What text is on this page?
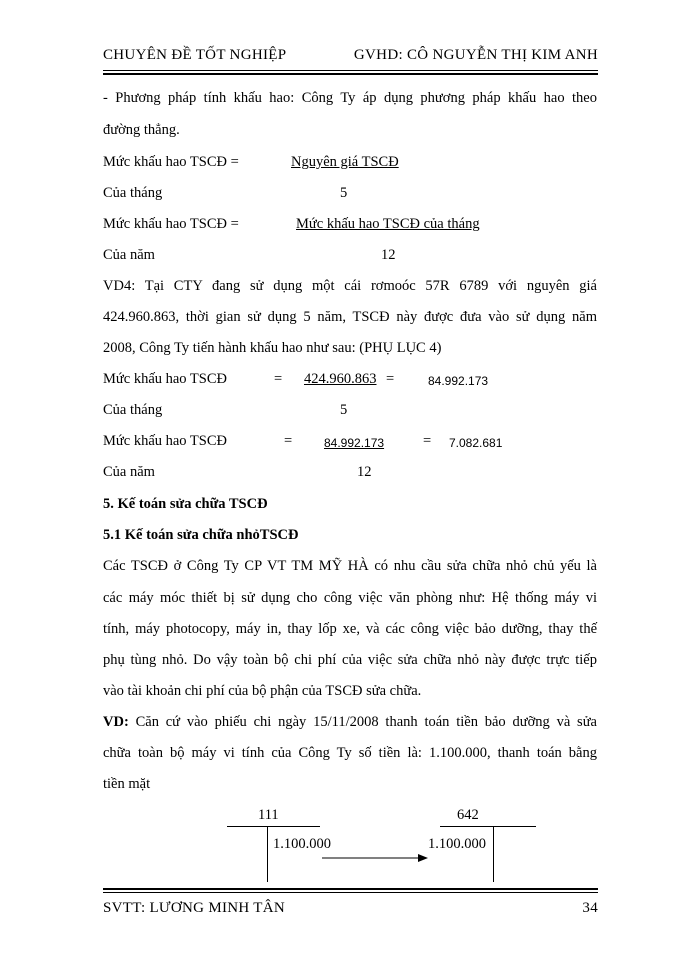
CHUYÊN ĐỀ TỐT NGHIỆP	GVHD: CÔ NGUYỄN THỊ KIM ANH
- Phương pháp tính khấu hao: Công Ty áp dụng phương pháp khấu hao theo
đường thẳng.
Mức khấu hao TSCĐ =	Nguyên giá TSCĐ
Của tháng	5
Mức khấu hao TSCĐ =	Mức khấu hao TSCĐ của tháng
Của năm	12
VD4: Tại CTY đang sử dụng một cái rơmoóc 57R 6789 với nguyên giá
424.960.863, thời gian sử dụng 5 năm, TSCĐ này được đưa vào sử dụng năm
2008, Công Ty tiến hành khấu hao như sau: (PHỤ LỤC 4)
Mức khấu hao TSCĐ	= 424.960.863 =	84.992.173
Của tháng	5
Mức khấu hao TSCĐ	=	84.992.173	= 7.082.681
Của năm	12
5. Kế toán sửa chữa TSCĐ
5.1 Kế toán sửa chữa nhỏTSCĐ
Các TSCĐ ở Công Ty CP VT TM MỸ HÀ có nhu cầu sửa chữa nhỏ chủ yếu là
các máy móc thiết bị sử dụng cho công việc văn phòng như: Hệ thống máy vi
tính, máy photocopy, máy in, thay lốp xe, và các công việc bảo dưỡng, thay thế
phụ tùng nhỏ. Do vậy toàn bộ chi phí của việc sửa chữa nhỏ này được trực tiếp
vào tài khoản chi phí của bộ phận của TSCĐ sửa chữa.
VD: Căn cứ vào phiếu chi ngày 15/11/2008 thanh toán tiền bảo dưỡng và sửa
chữa toàn bộ máy vi tính của Công Ty số tiền là: 1.100.000, thanh toán bằng
tiền mặt
111
1.100.000
642
1.100.000
SVTT: LƯƠNG MINH TÂN	34
